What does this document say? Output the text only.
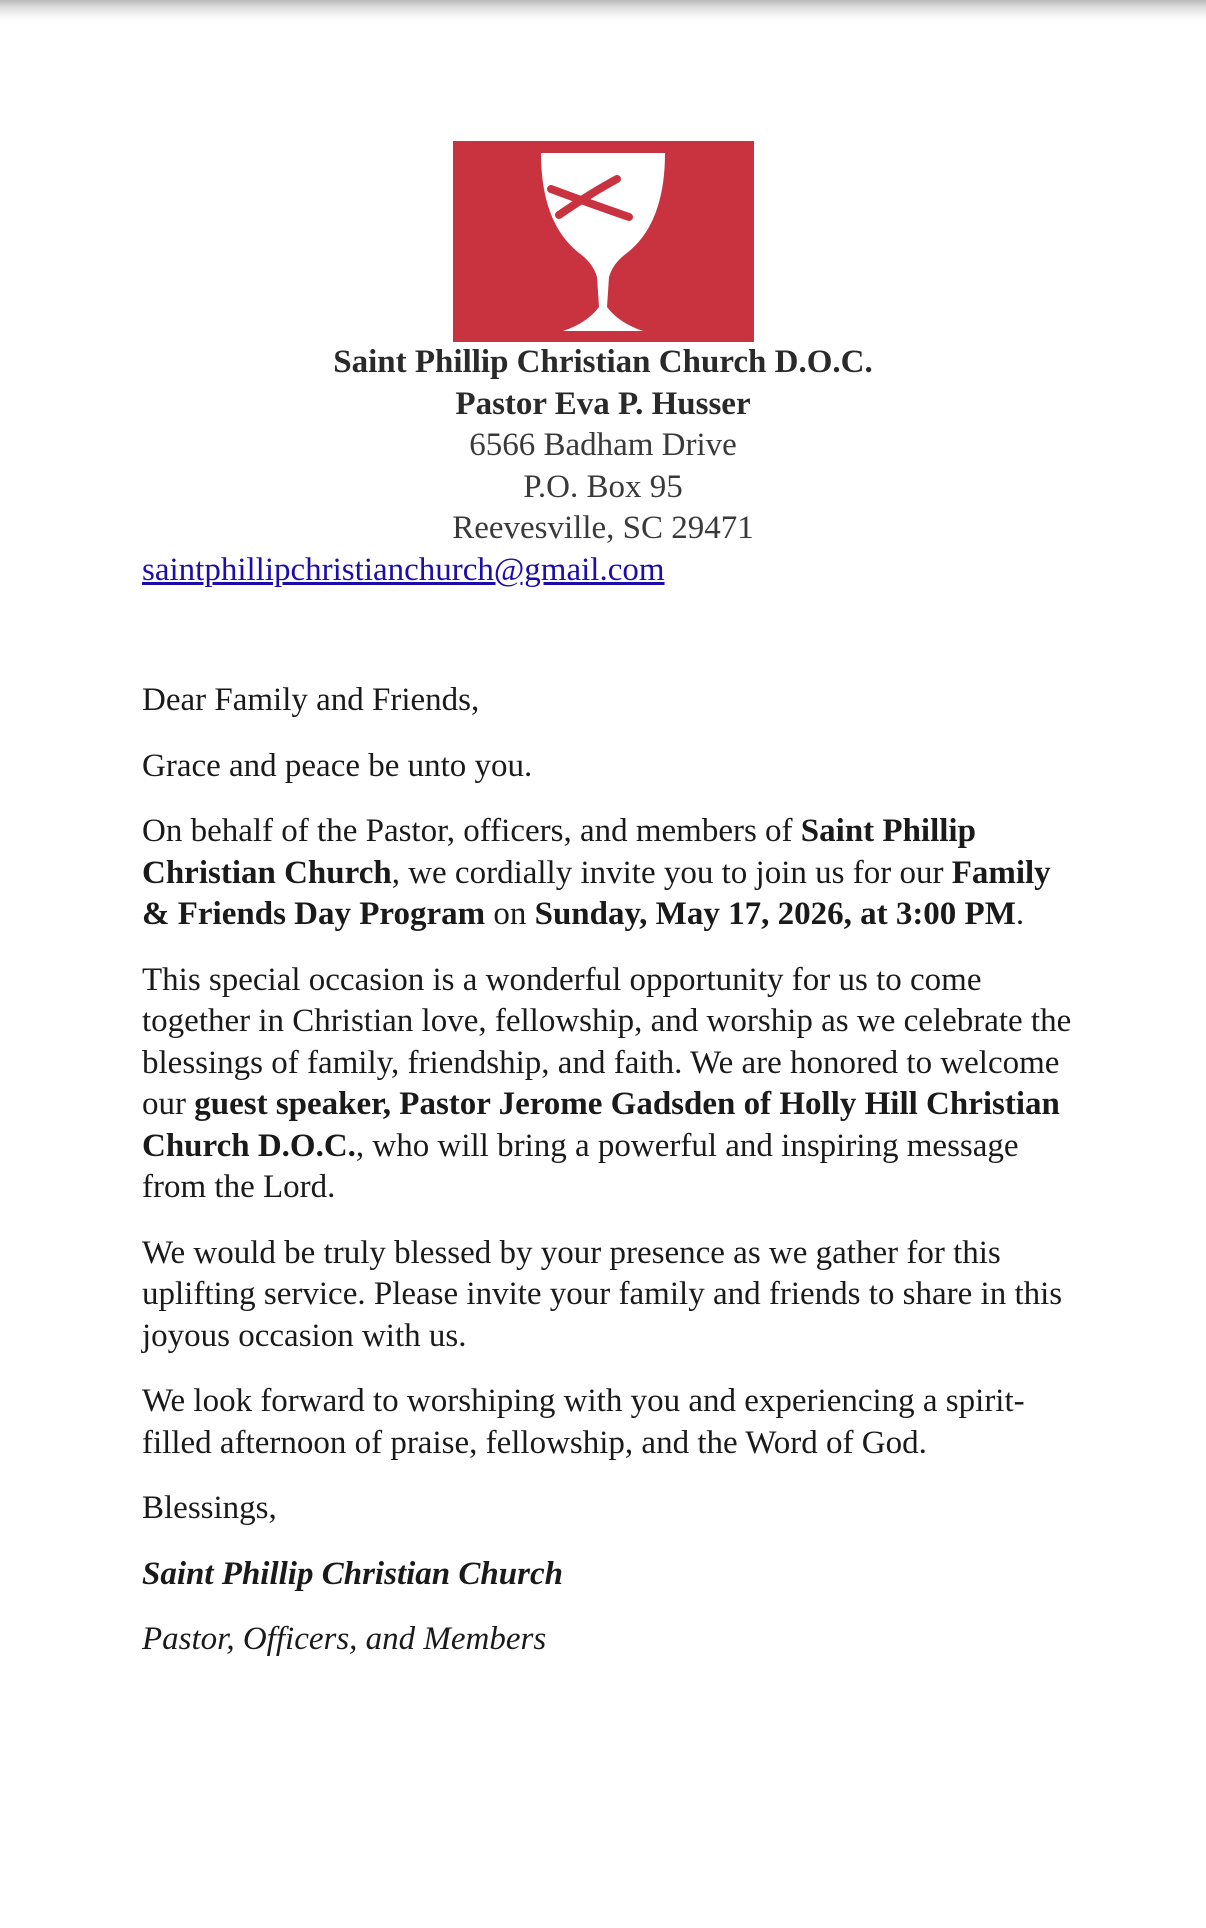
Saint Phillip Christian Church D.O.C.
Pastor Eva P. Husser
6566 Badham Drive
P.O. Box 95
Reevesville, SC 29471
saintphillipchristianchurch@gmail.com

Dear Family and Friends,

Grace and peace be unto you.

On behalf of the Pastor, officers, and members of Saint Phillip Christian Church, we cordially invite you to join us for our Family & Friends Day Program on Sunday, May 17, 2026, at 3:00 PM.

This special occasion is a wonderful opportunity for us to come together in Christian love, fellowship, and worship as we celebrate the blessings of family, friendship, and faith. We are honored to welcome our guest speaker, Pastor Jerome Gadsden of Holly Hill Christian Church D.O.C., who will bring a powerful and inspiring message from the Lord.

We would be truly blessed by your presence as we gather for this uplifting service. Please invite your family and friends to share in this joyous occasion with us.

We look forward to worshiping with you and experiencing a spirit-filled afternoon of praise, fellowship, and the Word of God.

Blessings,

Saint Phillip Christian Church

Pastor, Officers, and Members
